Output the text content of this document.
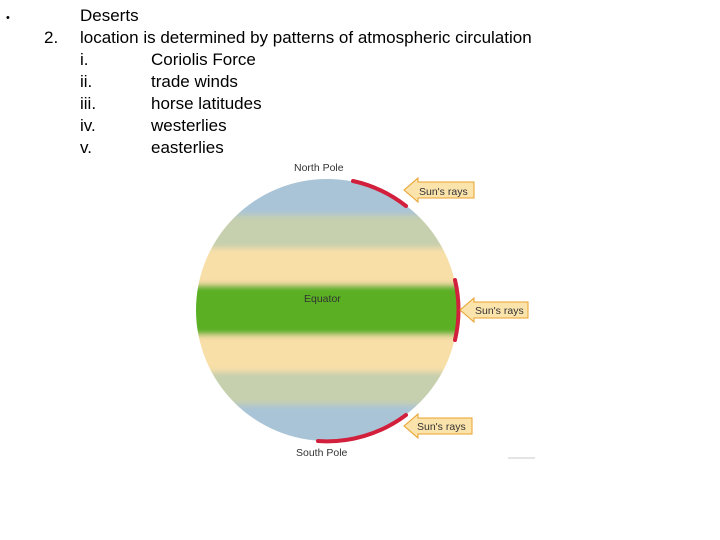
•
2.
Deserts
location is determined by patterns of atmospheric circulation
i.	Coriolis Force
ii.	trade winds
iii.	horse latitudes
iv.	westerlies
v.	easterlies
Sun's rays
Sun's rays
Sun's rays
North Pole
Equator
South Pole
